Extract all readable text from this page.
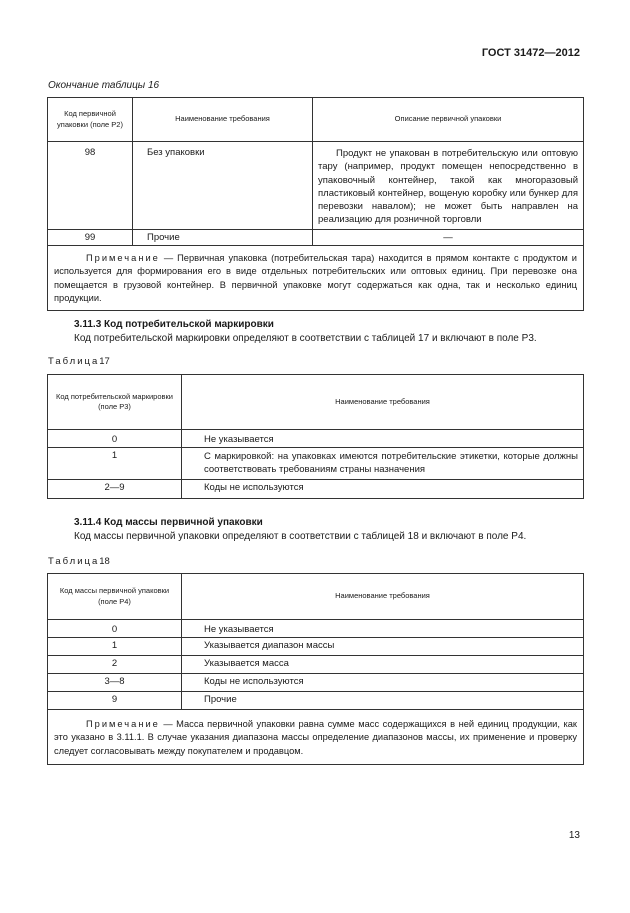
ГОСТ 31472—2012
Окончание таблицы 16
Код первичной упаковки (поле Р2)	Наименование требования	Описание первичной упаковки
98	Без упаковки	Продукт не упакован в потребительскую или оптовую тару (например, продукт помещен непосредственно в упаковочный контейнер, такой как многоразовый пластиковый контейнер, вощеную коробку или бункер для перевозки навалом); не может быть направлен на реализацию для розничной торговли

99	Прочие	—

Примечание — Первичная упаковка (потребительская тара) находится в прямом контакте с продуктом и используется для формирования его в виде отдельных потребительских или оптовых единиц. При перевозке она помещается в грузовой контейнер. В первичной упаковке могут содержаться как одна, так и несколько единиц продукции.		
3.11.3 Код потребительской маркировки
Код потребительской маркировки определяют в соответствии с таблицей 17 и включают в поле Р3.
Таблица17
Код потребительской маркировки (поле Р3)	Наименование требования
0	Не указывается
1	С маркировкой: на упаковках имеются потребительские этикетки, которые должны соответствовать требованиям страны назначения
2—9	Коды не используются
3.11.4 Код массы первичной упаковки
Код массы первичной упаковки определяют в соответствии с таблицей 18 и включают в поле Р4.
Таблица18
Код массы первичной упаковки (поле Р4)	Наименование требования
0	Не указывается
1	Указывается диапазон массы
2	Указывается масса
3—8	Коды не используются
9	Прочие

Примечание — Масса первичной упаковки равна сумме масс содержащихся в ней единиц продукции, как это указано в 3.11.1. В случае указания диапазона массы определение диапазонов массы, их применение и проверку следует согласовывать между покупателем и продавцом.	
13
